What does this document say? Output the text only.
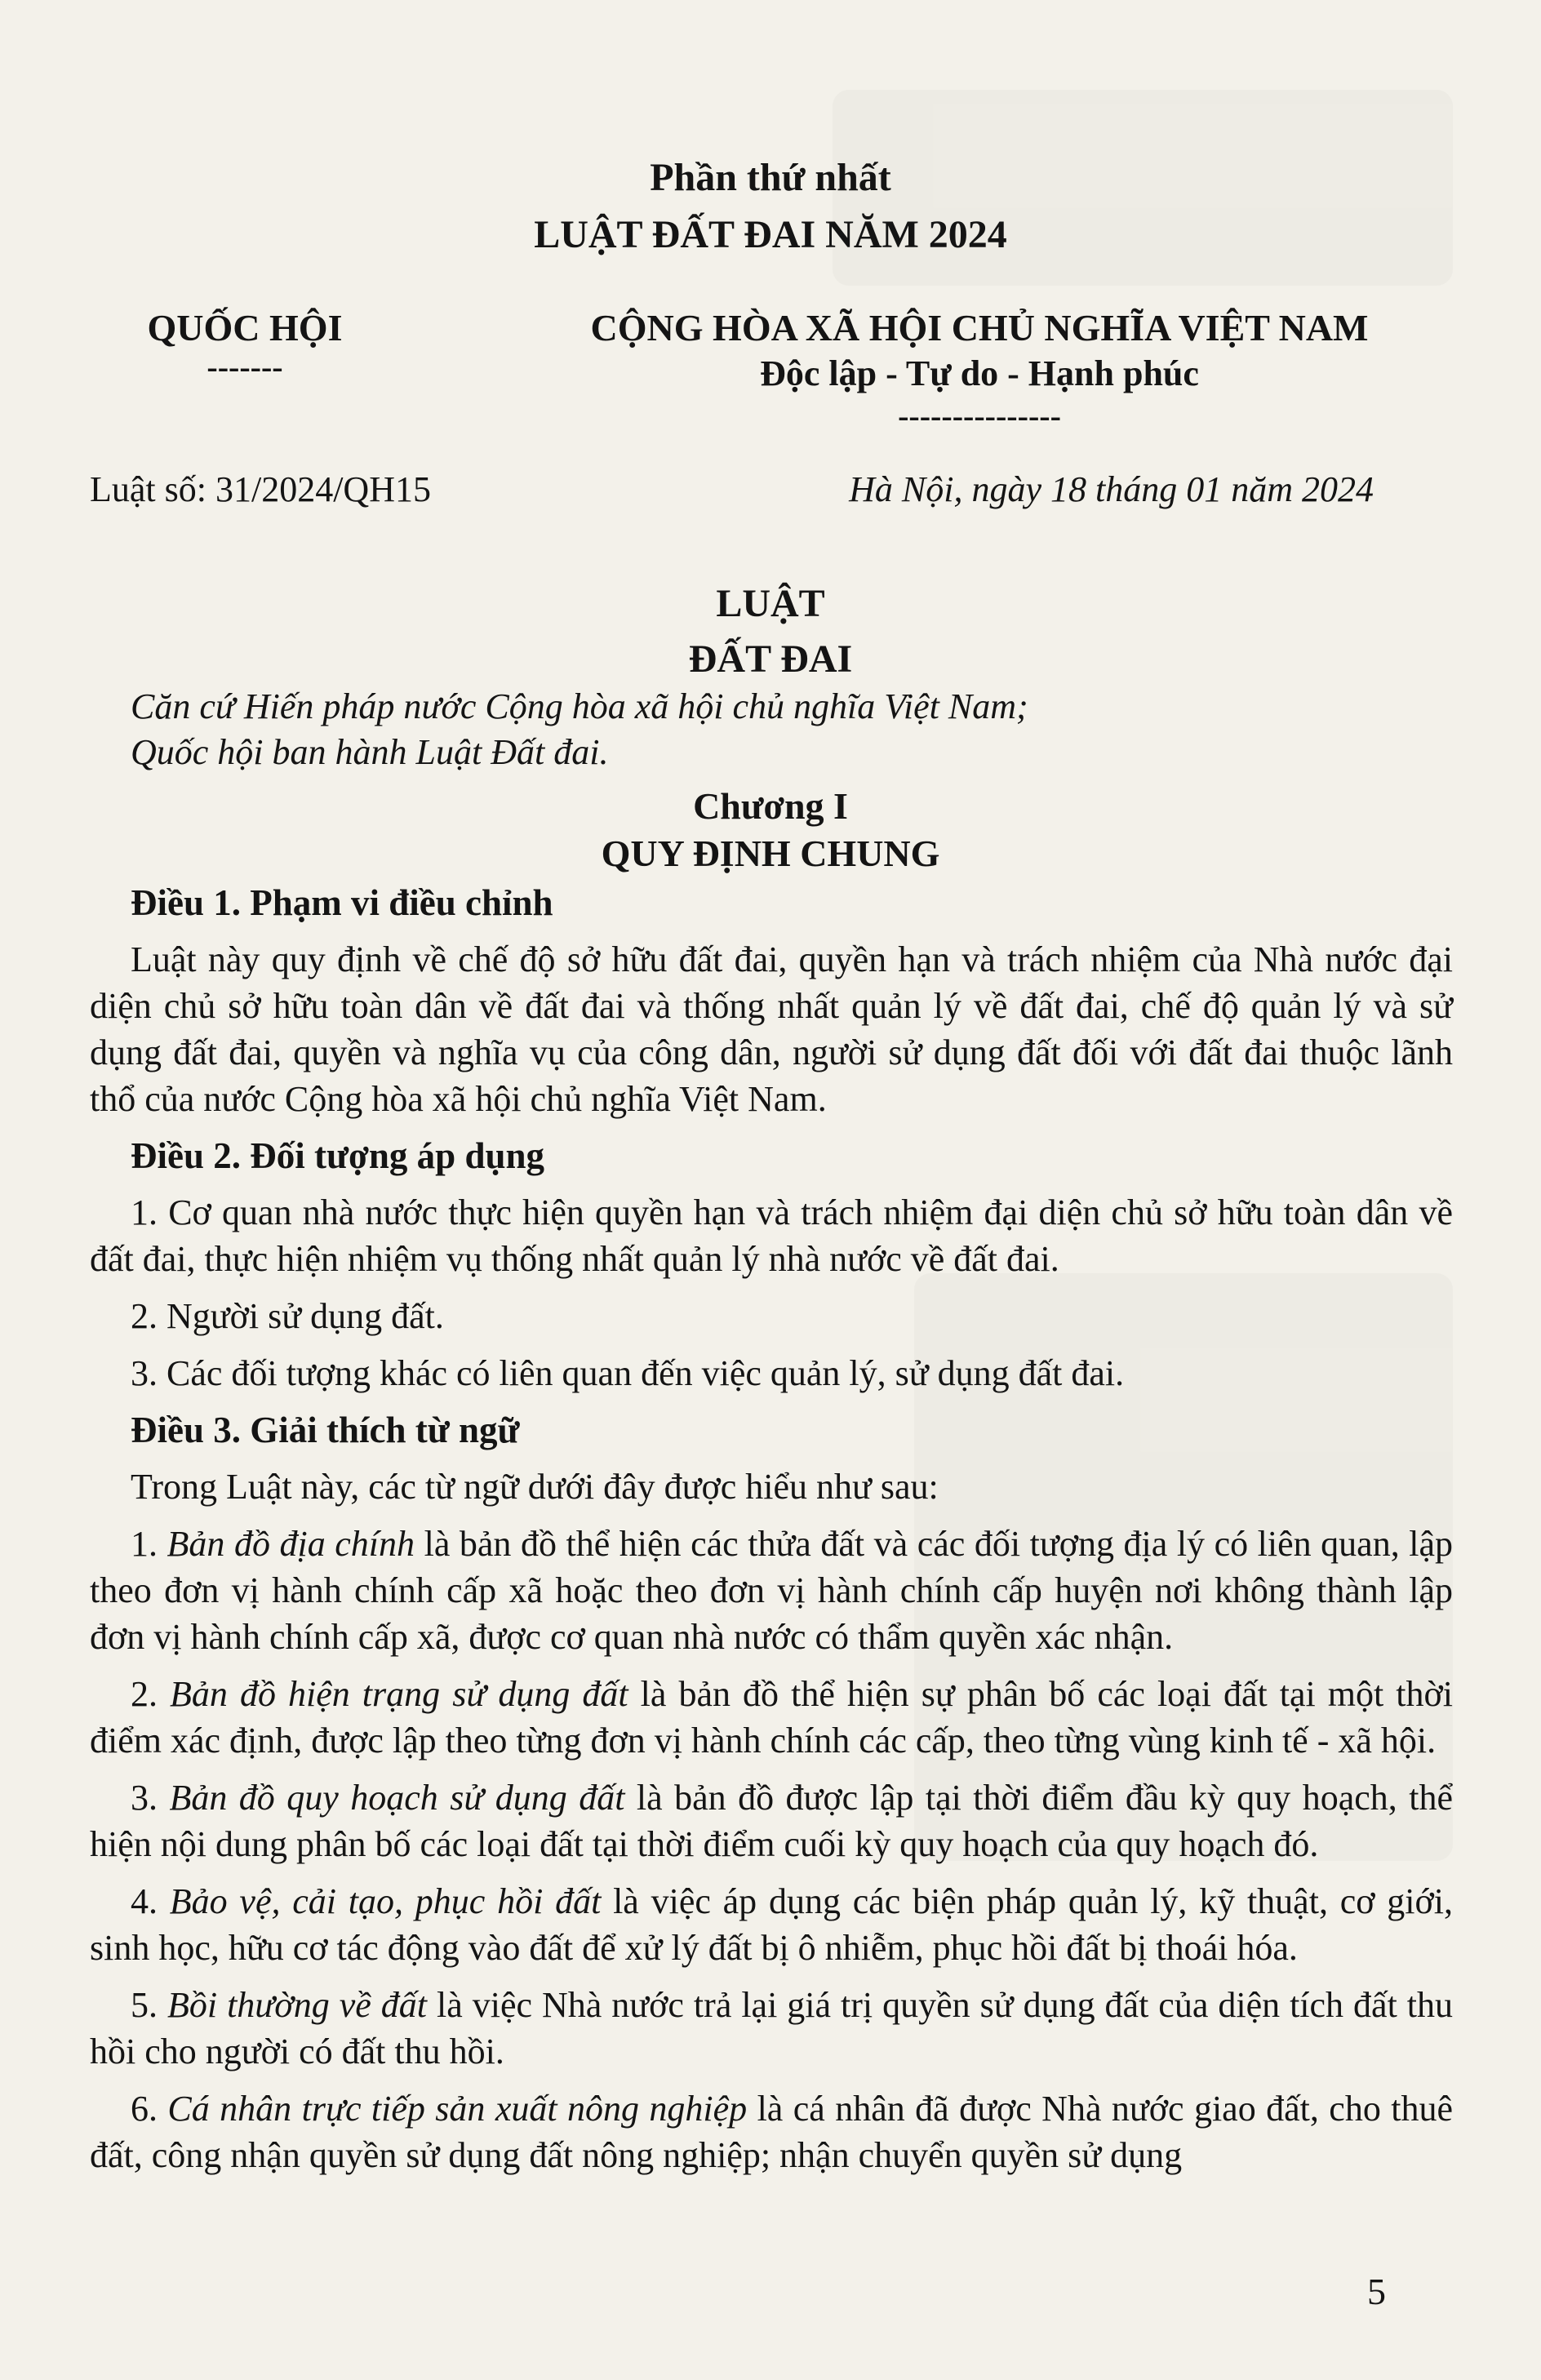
Phần thứ nhất
LUẬT ĐẤT ĐAI NĂM 2024
QUỐC HỘI
-------
CỘNG HÒA XÃ HỘI CHỦ NGHĨA VIỆT NAM
Độc lập - Tự do - Hạnh phúc
---------------
Luật số: 31/2024/QH15	Hà Nội, ngày 18 tháng 01 năm 2024
LUẬT
ĐẤT ĐAI
Căn cứ Hiến pháp nước Cộng hòa xã hội chủ nghĩa Việt Nam;
Quốc hội ban hành Luật Đất đai.
Chương I
QUY ĐỊNH CHUNG
Điều 1. Phạm vi điều chỉnh

Luật này quy định về chế độ sở hữu đất đai, quyền hạn và trách nhiệm của Nhà nước đại diện chủ sở hữu toàn dân về đất đai và thống nhất quản lý về đất đai, chế độ quản lý và sử dụng đất đai, quyền và nghĩa vụ của công dân, người sử dụng đất đối với đất đai thuộc lãnh thổ của nước Cộng hòa xã hội chủ nghĩa Việt Nam.

Điều 2. Đối tượng áp dụng

1. Cơ quan nhà nước thực hiện quyền hạn và trách nhiệm đại diện chủ sở hữu toàn dân về đất đai, thực hiện nhiệm vụ thống nhất quản lý nhà nước về đất đai.

2. Người sử dụng đất.

3. Các đối tượng khác có liên quan đến việc quản lý, sử dụng đất đai.

Điều 3. Giải thích từ ngữ

Trong Luật này, các từ ngữ dưới đây được hiểu như sau:

1. Bản đồ địa chính là bản đồ thể hiện các thửa đất và các đối tượng địa lý có liên quan, lập theo đơn vị hành chính cấp xã hoặc theo đơn vị hành chính cấp huyện nơi không thành lập đơn vị hành chính cấp xã, được cơ quan nhà nước có thẩm quyền xác nhận.

2. Bản đồ hiện trạng sử dụng đất là bản đồ thể hiện sự phân bố các loại đất tại một thời điểm xác định, được lập theo từng đơn vị hành chính các cấp, theo từng vùng kinh tế - xã hội.

3. Bản đồ quy hoạch sử dụng đất là bản đồ được lập tại thời điểm đầu kỳ quy hoạch, thể hiện nội dung phân bố các loại đất tại thời điểm cuối kỳ quy hoạch của quy hoạch đó.

4. Bảo vệ, cải tạo, phục hồi đất là việc áp dụng các biện pháp quản lý, kỹ thuật, cơ giới, sinh học, hữu cơ tác động vào đất để xử lý đất bị ô nhiễm, phục hồi đất bị thoái hóa.

5. Bồi thường về đất là việc Nhà nước trả lại giá trị quyền sử dụng đất của diện tích đất thu hồi cho người có đất thu hồi.

6. Cá nhân trực tiếp sản xuất nông nghiệp là cá nhân đã được Nhà nước giao đất, cho thuê đất, công nhận quyền sử dụng đất nông nghiệp; nhận chuyển quyền sử dụng

5
